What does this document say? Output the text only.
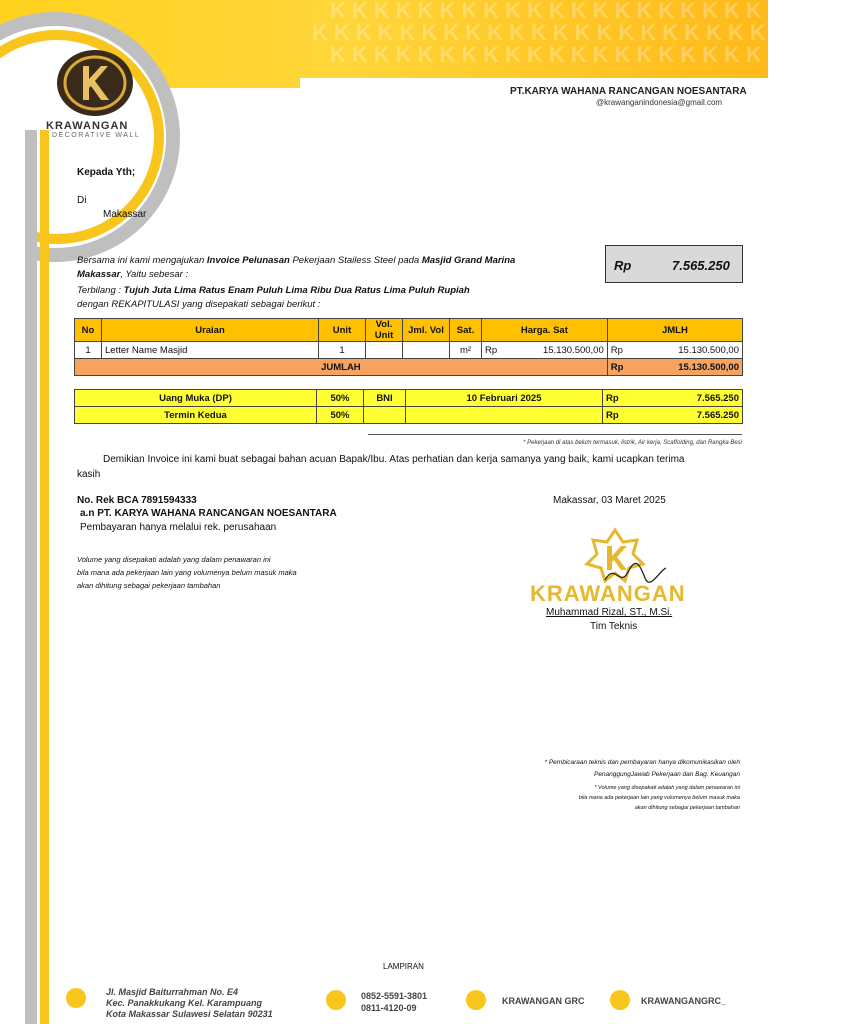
KKKKKKKKKKKKKKKKKKKKKKKK
KKKKKKKKKKKKKKKKKKKKKKKK
KKKKKKKKKKKKKKKKKKKKKKKK
KRAWANGAN
DECORATIVE WALL
PT.KARYA WAHANA RANCANGAN NOESANTARA
@krawanganindonesia@gmail.com
Kepada Yth;
Di
Makassar
Bersama ini kami mengajukan Invoice Pelunasan Pekerjaan Stailess Steel pada Masjid Grand Marina
Makassar, Yaitu sebesar :
Terbilang : Tujuh Juta Lima Ratus Enam Puluh Lima Ribu Dua Ratus Lima Puluh Rupiah
dengan REKAPITULASI yang disepakati sebagai berikut :
Rp	7.565.250
No	Uraian	Unit	Vol. Unit	Jml. Vol	Sat.	Harga. Sat		JMLH	
1	Letter Name Masjid	1			m²	Rp	15.130.500,00	Rp	15.130.500,00
JUMLAH								Rp	15.130.500,00
Uang Muka (DP)	50%	BNI	10 Februari 2025	Rp	7.565.250
Termin Kedua	50%			Rp	7.565.250
* Pekerjaan di atas belum termasuk, listrik, Air kerja, Scaffolding, dan Rangka Besi
Demikian Invoice ini kami buat sebagai bahan acuan Bapak/Ibu. Atas perhatian dan kerja samanya yang baik, kami ucapkan terima
kasih
No. Rek BCA 7891594333
a.n PT. KARYA WAHANA RANCANGAN NOESANTARA
Pembayaran hanya melalui rek. perusahaan
Volume yang disepakati adalah yang dalam penawaran ini
bila mana ada pekerjaan lain yang volumenya belum masuk maka
akan dihitung sebagai pekerjaan tambahan
Makassar, 03 Maret 2025
KRAWANGAN
Muhammad Rizal, ST., M.Si.
Tim Teknis
* Pembicaraan teknis dan pembayaran hanya dikomunikasikan oleh
PenanggungJawab Pekerjaan dan Bag. Keuangan
* Volume yang disepakati adalah yang dalam penawaran ini
bila mana ada pekerjaan lain yang volumenya belum masuk maka
akan dihitung sebagai pekerjaan tambahan
LAMPIRAN
Jl. Masjid Baiturrahman No. E4
Kec. Panakkukang Kel. Karampuang
Kota Makassar Sulawesi Selatan 90231
0852-5591-3801
0811-4120-09
KRAWANGAN GRC	KRAWANGANGRC_
